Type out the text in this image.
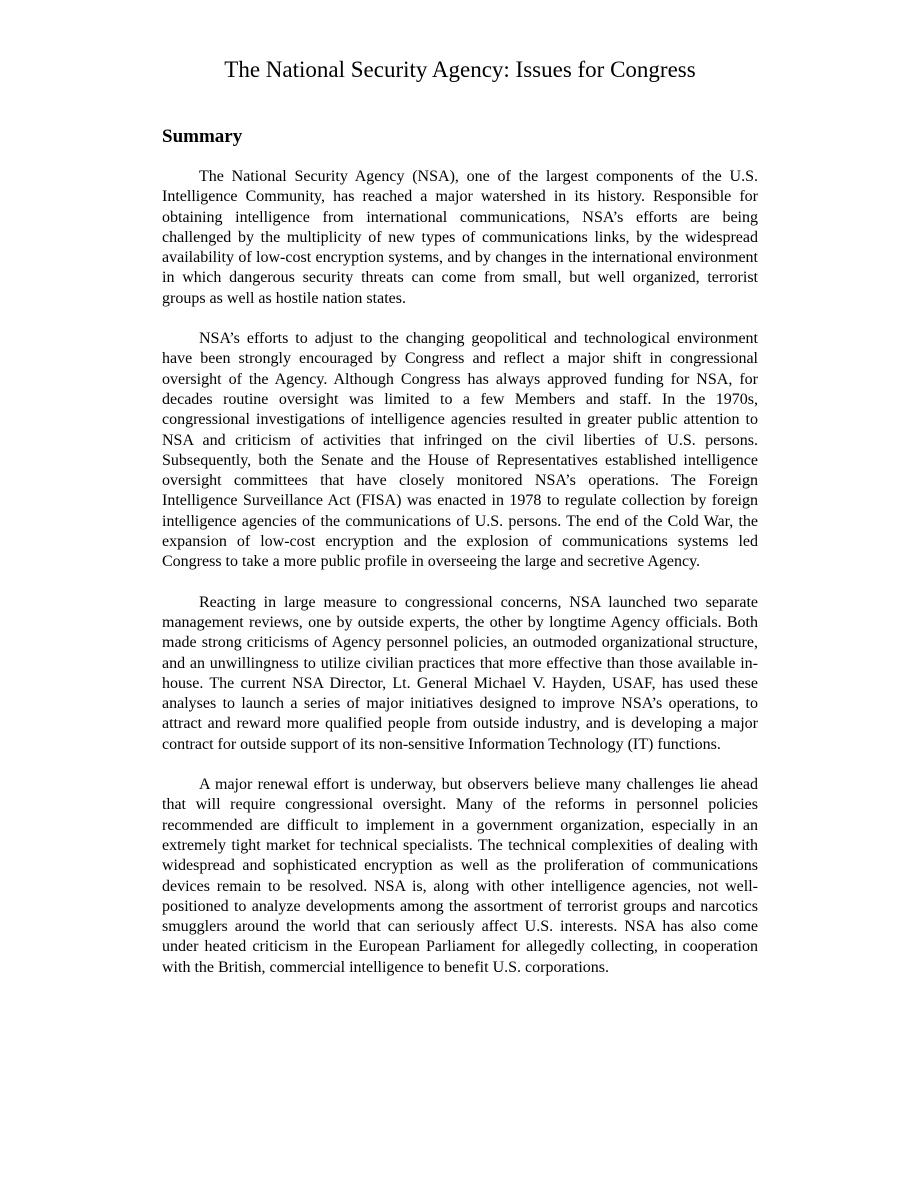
The National Security Agency: Issues for Congress
Summary

The National Security Agency (NSA), one of the largest components of the U.S. Intelligence Community, has reached a major watershed in its history. Responsible for obtaining intelligence from international communications, NSA’s efforts are being challenged by the multiplicity of new types of communications links, by the widespread availability of low-cost encryption systems, and by changes in the international environment in which dangerous security threats can come from small, but well organized, terrorist groups as well as hostile nation states.

NSA’s efforts to adjust to the changing geopolitical and technological environment have been strongly encouraged by Congress and reflect a major shift in congressional oversight of the Agency. Although Congress has always approved funding for NSA, for decades routine oversight was limited to a few Members and staff. In the 1970s, congressional investigations of intelligence agencies resulted in greater public attention to NSA and criticism of activities that infringed on the civil liberties of U.S. persons. Subsequently, both the Senate and the House of Representatives established intelligence oversight committees that have closely monitored NSA’s operations. The Foreign Intelligence Surveillance Act (FISA) was enacted in 1978 to regulate collection by foreign intelligence agencies of the communications of U.S. persons. The end of the Cold War, the expansion of low-cost encryption and the explosion of communications systems led Congress to take a more public profile in overseeing the large and secretive Agency.

Reacting in large measure to congressional concerns, NSA launched two separate management reviews, one by outside experts, the other by longtime Agency officials. Both made strong criticisms of Agency personnel policies, an outmoded organizational structure, and an unwillingness to utilize civilian practices that more effective than those available in-house. The current NSA Director, Lt. General Michael V. Hayden, USAF, has used these analyses to launch a series of major initiatives designed to improve NSA’s operations, to attract and reward more qualified people from outside industry, and is developing a major contract for outside support of its non-sensitive Information Technology (IT) functions.

A major renewal effort is underway, but observers believe many challenges lie ahead that will require congressional oversight. Many of the reforms in personnel policies recommended are difficult to implement in a government organization, especially in an extremely tight market for technical specialists. The technical complexities of dealing with widespread and sophisticated encryption as well as the proliferation of communications devices remain to be resolved. NSA is, along with other intelligence agencies, not well-positioned to analyze developments among the assortment of terrorist groups and narcotics smugglers around the world that can seriously affect U.S. interests. NSA has also come under heated criticism in the European Parliament for allegedly collecting, in cooperation with the British, commercial intelligence to benefit U.S. corporations.
